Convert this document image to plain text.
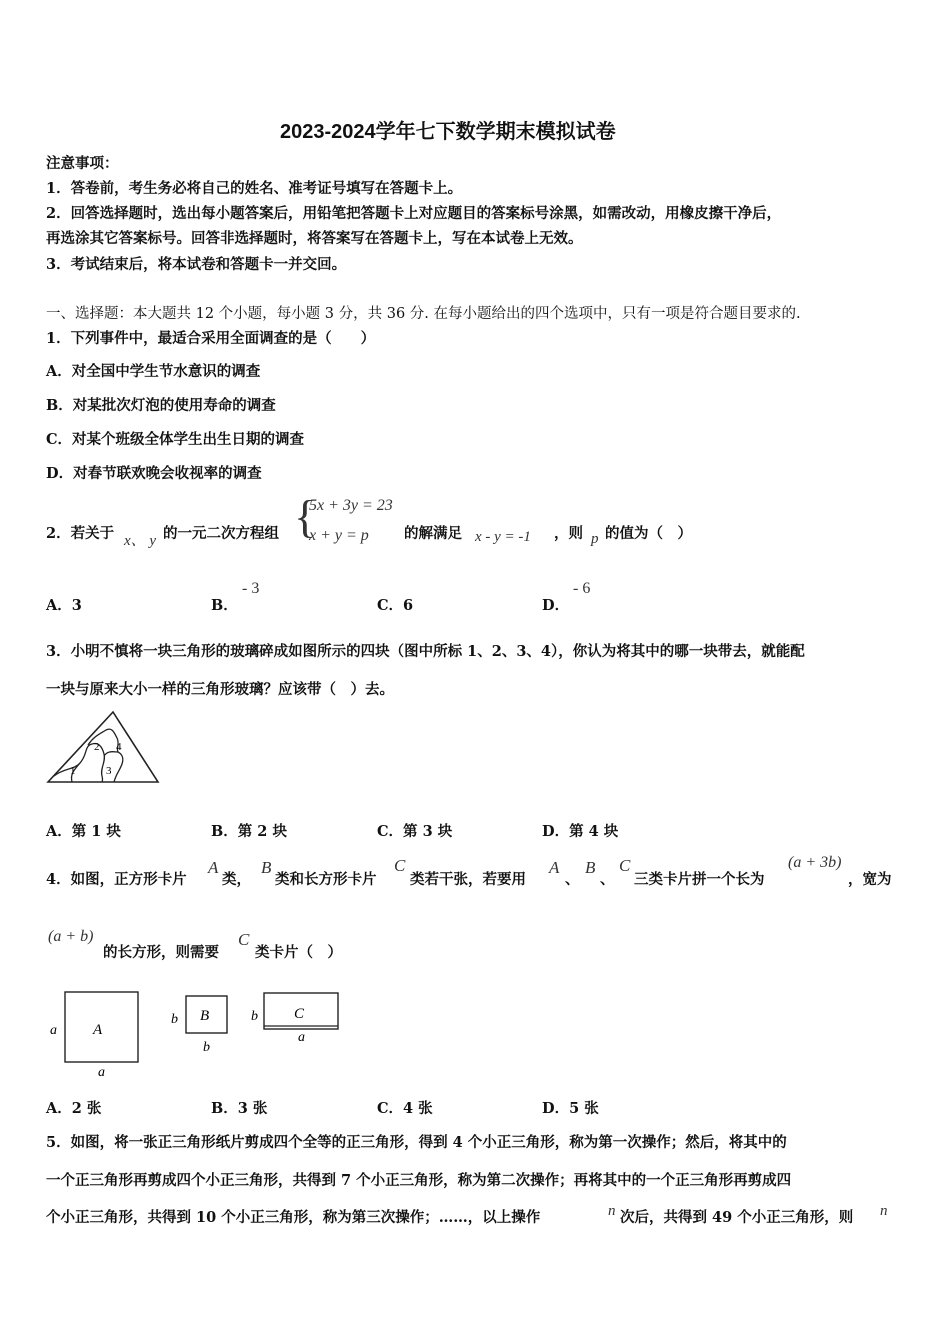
2023-2024学年七下数学期末模拟试卷
注意事项：
1．答卷前，考生务必将自己的姓名、准考证号填写在答题卡上。
2．回答选择题时，选出每小题答案后，用铅笔把答题卡上对应题目的答案标号涂黑，如需改动，用橡皮擦干净后，
再选涂其它答案标号。回答非选择题时，将答案写在答题卡上，写在本试卷上无效。
3．考试结束后，将本试卷和答题卡一并交回。
一、选择题：本大题共 12 个小题，每小题 3 分，共 36 分. 在每小题给出的四个选项中，只有一项是符合题目要求的.
1．下列事件中，最适合采用全面调查的是（　　）
A．对全国中学生节水意识的调查
B．对某批次灯泡的使用寿命的调查
C．对某个班级全体学生出生日期的调查
D．对春节联欢晚会收视率的调查
2．若关于 x、 y 的一元二次方程组 {
5x + 3y = 23
x + y = p 的解满足 x - y = -1 ，则 p 的值为（　）
A．3	B．
- 3
C．6	D．
- 6
3．小明不慎将一块三角形的玻璃碎成如图所示的四块（图中所标 1、2、3、4），你认为将其中的哪一块带去，就能配
一块与原来大小一样的三角形玻璃？应该带（　）去。
1
2
3
4
A．第 1 块	B．第 2 块	C．第 3 块	D．第 4 块
4．如图，正方形卡片
A
类，
B
类和长方形卡片
C
类若干张，若要用
A
、
B
、
C
三类卡片拼一个长为
(a + 3b)
，宽为
(a + b)
的长方形，则需要
C
类卡片（　）
A
a
a
B
b
b
C
b
a
A．2 张	B．3 张	C．4 张	D．5 张
5．如图，将一张正三角形纸片剪成四个全等的正三角形，得到 4 个小正三角形，称为第一次操作；然后，将其中的
一个正三角形再剪成四个小正三角形，共得到 7 个小正三角形，称为第二次操作；再将其中的一个正三角形再剪成四
个小正三角形，共得到 10 个小正三角形，称为第三次操作；……，以上操作	n 次后，共得到 49 个小正三角形，则 n
